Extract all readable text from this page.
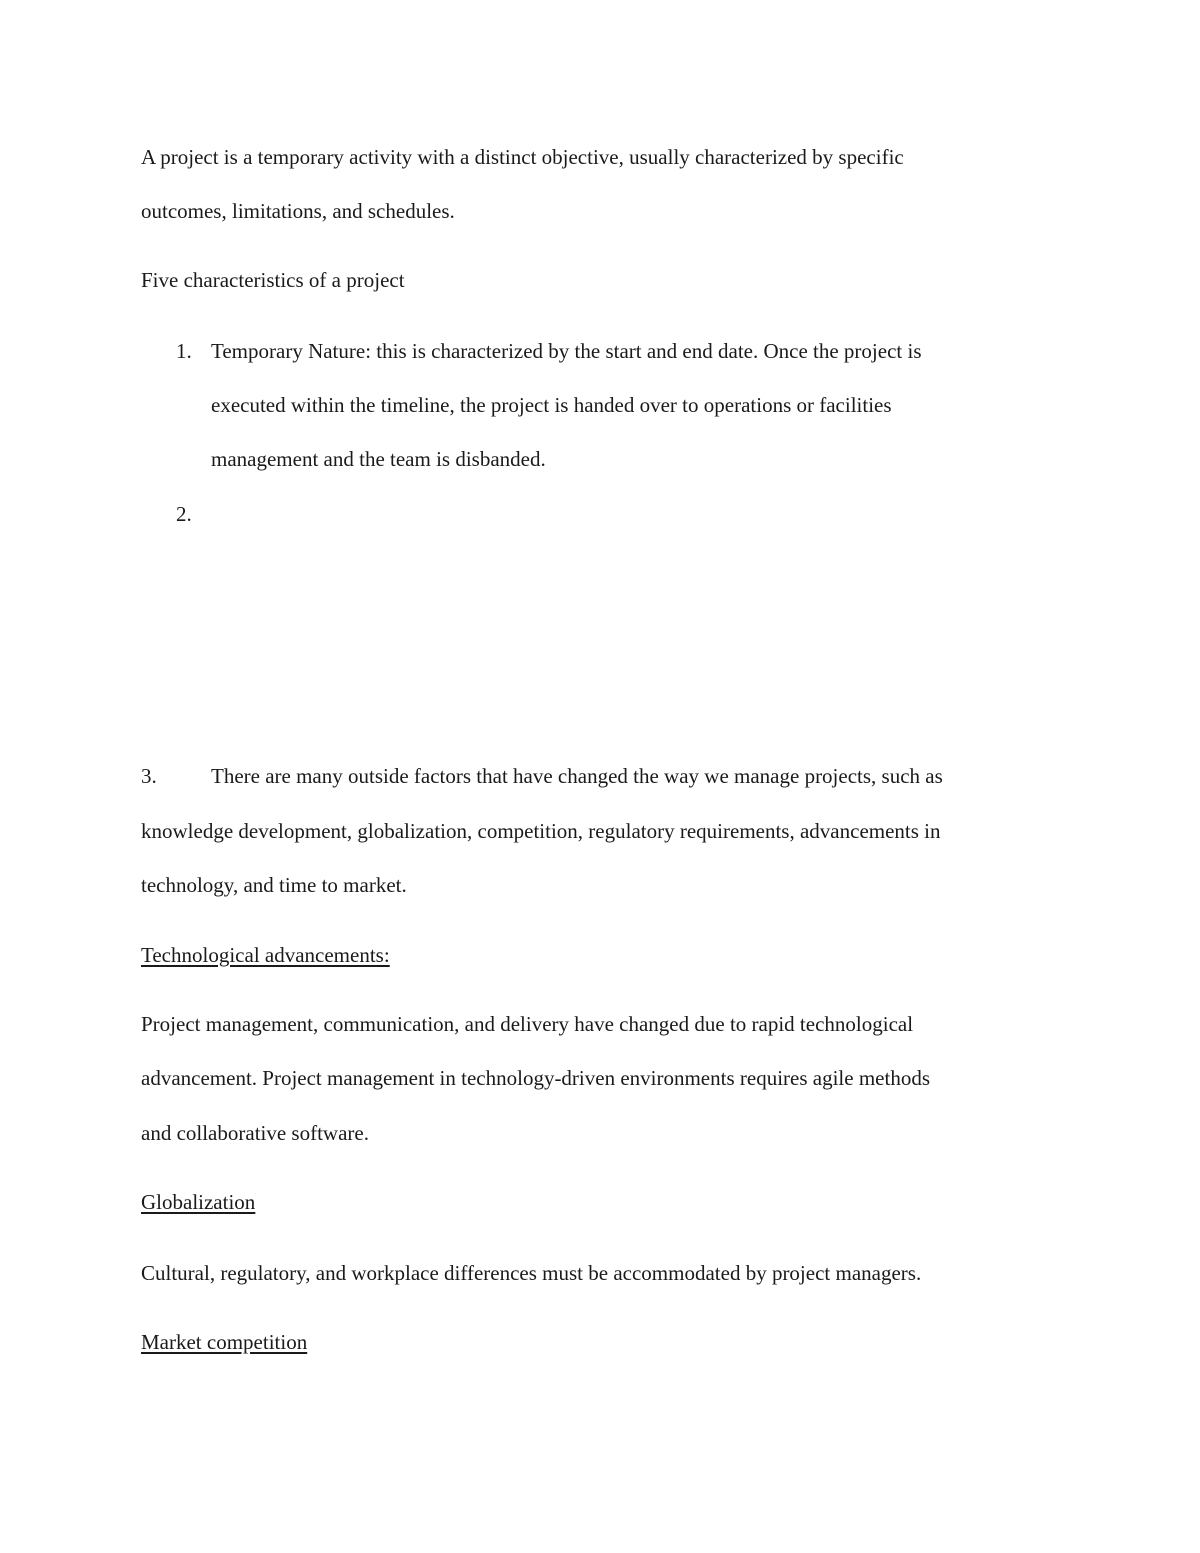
A project is a temporary activity with a distinct objective, usually characterized by specific
outcomes, limitations, and schedules.
Five characteristics of a project
1. Temporary Nature: this is characterized by the start and end date. Once the project is
executed within the timeline, the project is handed over to operations or facilities
management and the team is disbanded.
2.
3.	There are many outside factors that have changed the way we manage projects, such as
knowledge development, globalization, competition, regulatory requirements, advancements in
technology, and time to market.
Technological advancements:
Project management, communication, and delivery have changed due to rapid technological
advancement. Project management in technology-driven environments requires agile methods
and collaborative software.
Globalization
Cultural, regulatory, and workplace differences must be accommodated by project managers.
Market competition
